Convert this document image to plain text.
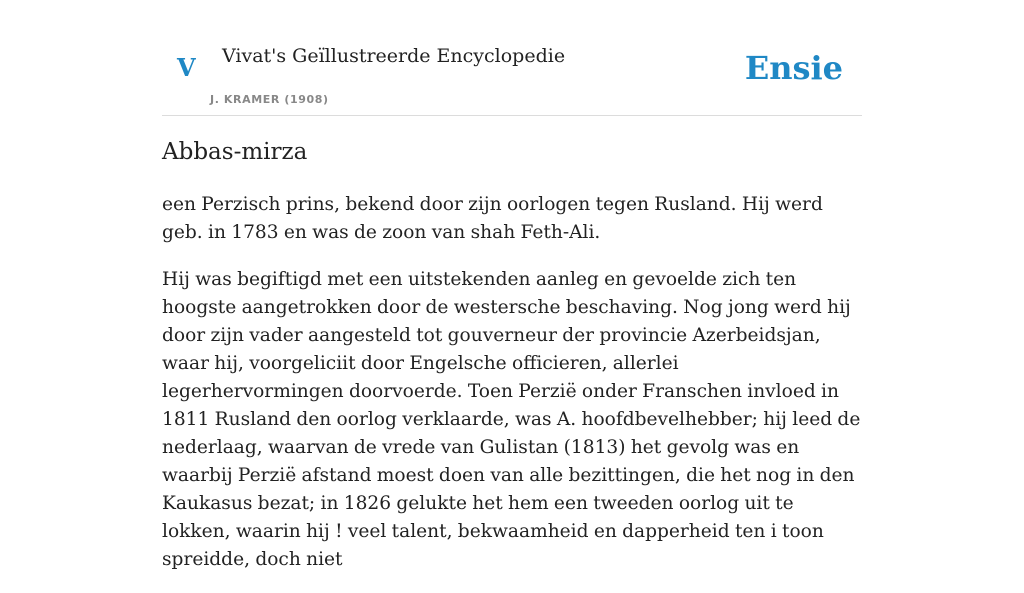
V Vivat's Geïllustreerde Encyclopedie
J. KRAMER (1908)
Ensie
Abbas-mirza

een Perzisch prins, bekend door zijn oorlogen tegen Rusland. Hij werd geb. in 1783 en was de zoon van shah Feth-Ali.

Hij was begiftigd met een uitstekenden aanleg en gevoelde zich ten hoogste aangetrokken door de westersche beschaving. Nog jong werd hij door zijn vader aangesteld tot gouverneur der provincie Azerbeidsjan, waar hij, voorgeliciit door Engelsche officieren, allerlei legerhervormingen doorvoerde. Toen Perzië onder Franschen invloed in 1811 Rusland den oorlog verklaarde, was A. hoofdbevelhebber; hij leed de nederlaag, waarvan de vrede van Gulistan (1813) het gevolg was en waarbij Perzië afstand moest doen van alle bezittingen, die het nog in den Kaukasus bezat; in 1826 gelukte het hem een tweeden oorlog uit te lokken, waarin hij ! veel talent, bekwaamheid en dapperheid ten i toon spreidde, doch niet
